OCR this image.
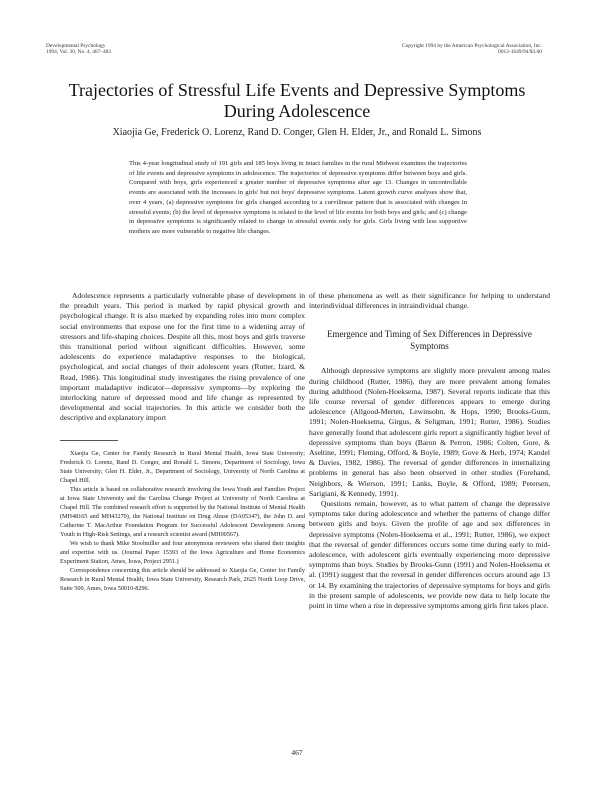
Developmental Psychology
1994, Vol. 30, No. 4, 467–483
Copyright 1994 by the American Psychological Association, Inc.
0012-1649/94/$3.00
Trajectories of Stressful Life Events and Depressive Symptoms During Adolescence
Xiaojia Ge, Frederick O. Lorenz, Rand D. Conger, Glen H. Elder, Jr., and Ronald L. Simons

This 4-year longitudinal study of 191 girls and 185 boys living in intact families in the rural Midwest examines the trajectories of life events and depressive symptoms in adolescence. The trajectories of depressive symptoms differ between boys and girls. Compared with boys, girls experienced a greater number of depressive symptoms after age 13. Changes in uncontrollable events are associated with the increases in girls' but not boys' depressive symptoms. Latent growth curve analyses show that, over 4 years, (a) depressive symptoms for girls changed according to a curvilinear pattern that is associated with changes in stressful events; (b) the level of depressive symptoms is related to the level of life events for both boys and girls; and (c) change in depressive symptoms is significantly related to change in stressful events only for girls. Girls living with less supportive mothers are more vulnerable to negative life changes.

Adolescence represents a particularly vulnerable phase of development in the preadult years. This period is marked by rapid physical growth and psychological change. It is also marked by expanding roles into more complex social environments that expose one for the first time to a widening array of stressors and life-shaping choices. Despite all this, most boys and girls traverse this transitional period without significant difficulties. However, some adolescents do experience maladaptive responses to the biological, psychological, and social changes of their adolescent years (Rutter, Izard, & Read, 1986). This longitudinal study investigates the rising prevalence of one important maladaptive indicator—depressive symptoms—by exploring the interlocking nature of depressed mood and life change as represented by developmental and social trajectories. In this article we consider both the descriptive and explanatory import

Xiaojia Ge, Center for Family Research in Rural Mental Health, Iowa State University; Frederick O. Lorenz, Rand D. Conger, and Ronald L. Simons, Department of Sociology, Iowa State University; Glen H. Elder, Jr., Department of Sociology, University of North Carolina at Chapel Hill.

This article is based on collaborative research involving the Iowa Youth and Families Project at Iowa State University and the Carolina Change Project at University of North Carolina at Chapel Hill. The combined research effort is supported by the National Institute of Mental Health (MH48165 and MH43270), the National Institute on Drug Abuse (DA05347), the John D. and Catherine T. MacArthur Foundation Program for Successful Adolescent Development Among Youth in High-Risk Settings, and a research scientist award (MH00567).

We wish to thank Mike Stoolmiller and four anonymous reviewers who shared their insights and expertise with us. (Journal Paper 15393 of the Iowa Agriculture and Home Economics Experiment Station, Ames, Iowa, Project 2951.)

Correspondence concerning this article should be addressed to Xiaojia Ge, Center for Family Research in Rural Mental Health, Iowa State University, Research Park, 2625 North Loop Drive, Suite 500, Ames, Iowa 50010-8296.

of these phenomena as well as their significance for helping to understand interindividual differences in intraindividual change.

Emergence and Timing of Sex Differences in Depressive Symptoms

Although depressive symptoms are slightly more prevalent among males during childhood (Rutter, 1986), they are more prevalent among females during adulthood (Nolen-Hoeksema, 1987). Several reports indicate that this life course reversal of gender differences appears to emerge during adolescence (Allgood-Merten, Lewinsohn, & Hops, 1990; Brooks-Gunn, 1991; Nolen-Hoeksema, Girgus, & Seligman, 1991; Rutter, 1986). Studies have generally found that adolescent girls report a significantly higher level of depressive symptoms than boys (Baron & Perron, 1986; Colten, Gore, & Aseltine, 1991; Fleming, Offord, & Boyle, 1989; Gove & Herb, 1974; Kandel & Davies, 1982, 1986). The reversal of gender differences in internalizing problems in general has also been observed in other studies (Forehand, Neighbors, & Wierson, 1991; Lanks, Boyle, & Offord, 1989; Petersen, Sarigiani, & Kennedy, 1991).

Questions remain, however, as to what pattern of change the depressive symptoms take during adolescence and whether the patterns of change differ between girls and boys. Given the profile of age and sex differences in depressive symptoms (Nolen-Hoeksema et al., 1991; Rutter, 1986), we expect that the reversal of gender differences occurs some time during early to mid-adolescence, with adolescent girls eventually experiencing more depressive symptoms than boys. Studies by Brooks-Gunn (1991) and Nolen-Hoeksema et al. (1991) suggest that the reversal in gender differences occurs around age 13 or 14. By examining the trajectories of depressive symptoms for boys and girls in the present sample of adolescents, we provide new data to help locate the point in time when a rise in depressive symptoms among girls first takes place.

467
